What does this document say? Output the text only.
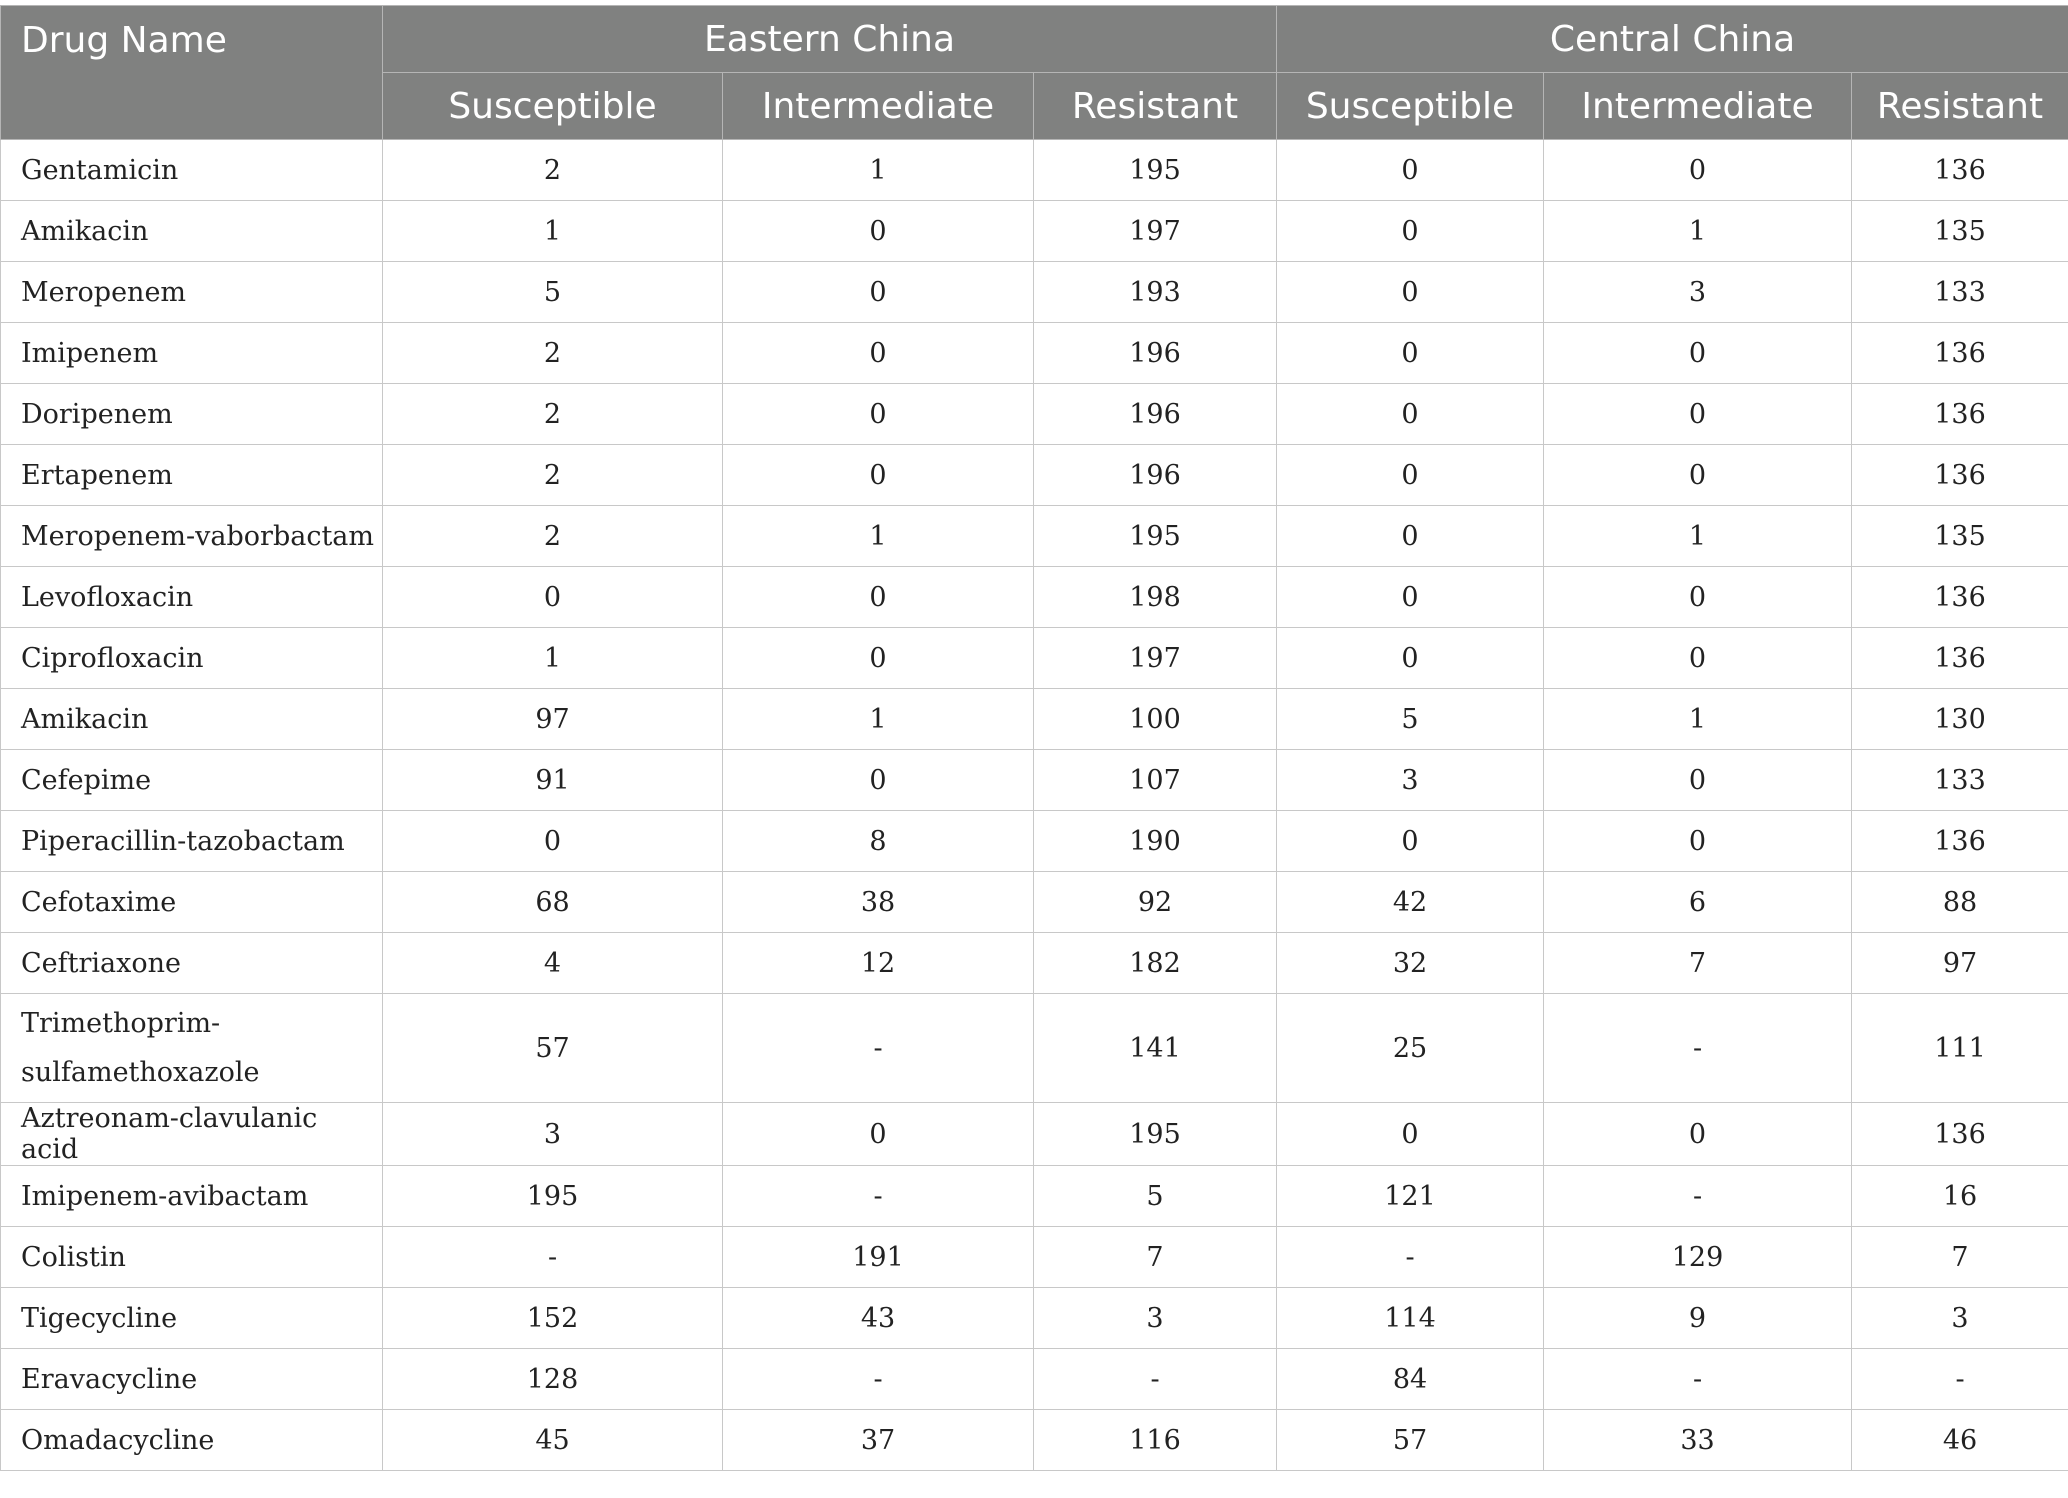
Drug Name	Eastern China			Central China		
	Susceptible	Intermediate	Resistant	Susceptible	Intermediate	Resistant
Gentamicin	2	1	195	0	0	136
Amikacin	1	0	197	0	1	135
Meropenem	5	0	193	0	3	133
Imipenem	2	0	196	0	0	136
Doripenem	2	0	196	0	0	136
Ertapenem	2	0	196	0	0	136
Meropenem-vaborbactam	2	1	195	0	1	135
Levofloxacin	0	0	198	0	0	136
Ciprofloxacin	1	0	197	0	0	136
Amikacin	97	1	100	5	1	130
Cefepime	91	0	107	3	0	133
Piperacillin-tazobactam	0	8	190	0	0	136
Cefotaxime	68	38	92	42	6	88
Ceftriaxone	4	12	182	32	7	97

Trimethoprim-
sulfamethoxazole	57	-	141	25	-	111
Aztreonam-clavulanic acid	3	0	195	0	0	136
Imipenem-avibactam	195	-	5	121	-	16
Colistin	-	191	7	-	129	7
Tigecycline	152	43	3	114	9	3
Eravacycline	128	-	-	84	-	-
Omadacycline	45	37	116	57	33	46
